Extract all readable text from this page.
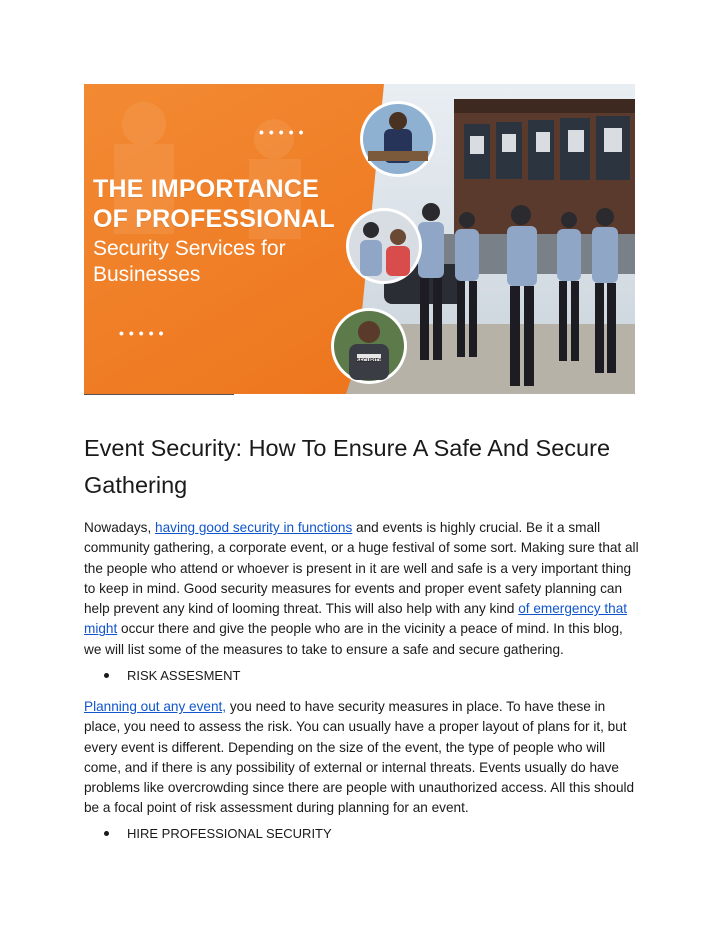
SECURITY
•••••
•••••
THE IMPORTANCE
OF PROFESSIONAL
Security Services for
Businesses
Event Security: How To Ensure A Safe And Secure Gathering

Nowadays, having good security in functions and events is highly crucial. Be it a small community gathering, a corporate event, or a huge festival of some sort. Making sure that all the people who attend or whoever is present in it are well and safe is a very important thing to keep in mind. Good security measures for events and proper event safety planning can help prevent any kind of looming threat. This will also help with any kind of emergency that might occur there and give the people who are in the vicinity a peace of mind. In this blog, we will list some of the measures to take to ensure a safe and secure gathering.

RISK ASSESMENT

Planning out any event, you need to have security measures in place. To have these in place, you need to assess the risk. You can usually have a proper layout of plans for it, but every event is different. Depending on the size of the event, the type of people who will come, and if there is any possibility of external or internal threats. Events usually do have problems like overcrowding since there are people with unauthorized access. All this should be a focal point of risk assessment during planning for an event.

HIRE PROFESSIONAL SECURITY
